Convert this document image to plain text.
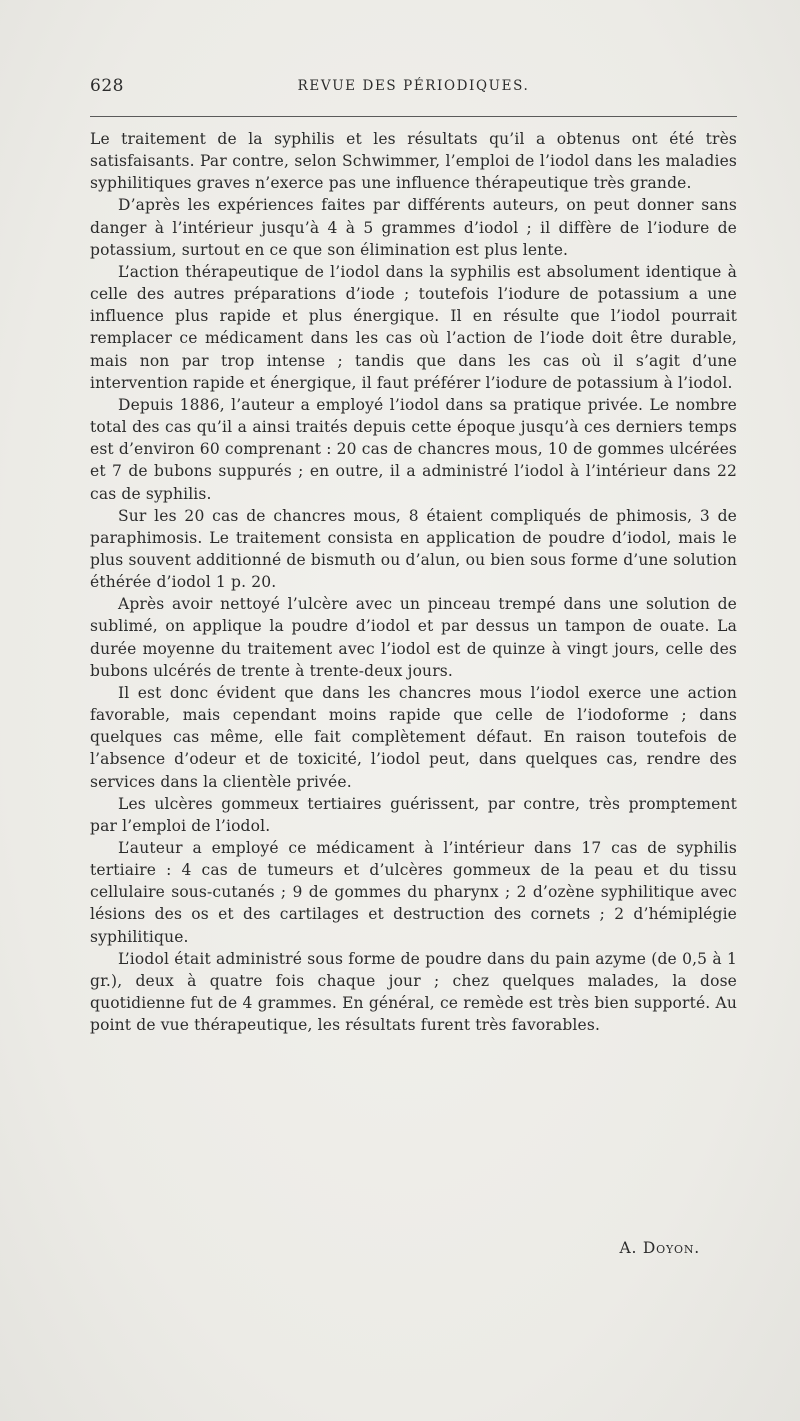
628	REVUE DES PÉRIODIQUES.

Le traitement de la syphilis et les résultats qu’il a obtenus ont été très satisfaisants. Par contre, selon Schwimmer, l’emploi de l’iodol dans les maladies syphilitiques graves n’exerce pas une influence thérapeutique très grande.

D’après les expériences faites par différents auteurs, on peut donner sans danger à l’intérieur jusqu’à 4 à 5 grammes d’iodol ; il diffère de l’iodure de potassium, surtout en ce que son élimination est plus lente.

L’action thérapeutique de l’iodol dans la syphilis est absolument identique à celle des autres préparations d’iode ; toutefois l’iodure de potassium a une influence plus rapide et plus énergique. Il en résulte que l’iodol pourrait remplacer ce médicament dans les cas où l’action de l’iode doit être durable, mais non par trop intense ; tandis que dans les cas où il s’agit d’une intervention rapide et énergique, il faut préférer l’iodure de potassium à l’iodol.

Depuis 1886, l’auteur a employé l’iodol dans sa pratique privée. Le nombre total des cas qu’il a ainsi traités depuis cette époque jusqu’à ces derniers temps est d’environ 60 comprenant : 20 cas de chancres mous, 10 de gommes ulcérées et 7 de bubons suppurés ; en outre, il a administré l’iodol à l’intérieur dans 22 cas de syphilis.

Sur les 20 cas de chancres mous, 8 étaient compliqués de phimosis, 3 de paraphimosis. Le traitement consista en application de poudre d’iodol, mais le plus souvent additionné de bismuth ou d’alun, ou bien sous forme d’une solution éthérée d’iodol 1 p. 20.

Après avoir nettoyé l’ulcère avec un pinceau trempé dans une solution de sublimé, on applique la poudre d’iodol et par dessus un tampon de ouate. La durée moyenne du traitement avec l’iodol est de quinze à vingt jours, celle des bubons ulcérés de trente à trente-deux jours.

Il est donc évident que dans les chancres mous l’iodol exerce une action favorable, mais cependant moins rapide que celle de l’iodoforme ; dans quelques cas même, elle fait complètement défaut. En raison toutefois de l’absence d’odeur et de toxicité, l’iodol peut, dans quelques cas, rendre des services dans la clientèle privée.

Les ulcères gommeux tertiaires guérissent, par contre, très promptement par l’emploi de l’iodol.

L’auteur a employé ce médicament à l’intérieur dans 17 cas de syphilis tertiaire : 4 cas de tumeurs et d’ulcères gommeux de la peau et du tissu cellulaire sous-cutanés ; 9 de gommes du pharynx ; 2 d’ozène syphilitique avec lésions des os et des cartilages et destruction des cornets ; 2 d’hémiplégie syphilitique.

L’iodol était administré sous forme de poudre dans du pain azyme (de 0,5 à 1 gr.), deux à quatre fois chaque jour ; chez quelques malades, la dose quotidienne fut de 4 grammes. En général, ce remède est très bien supporté. Au point de vue thérapeutique, les résultats furent très favorables.

A. Doyon.
